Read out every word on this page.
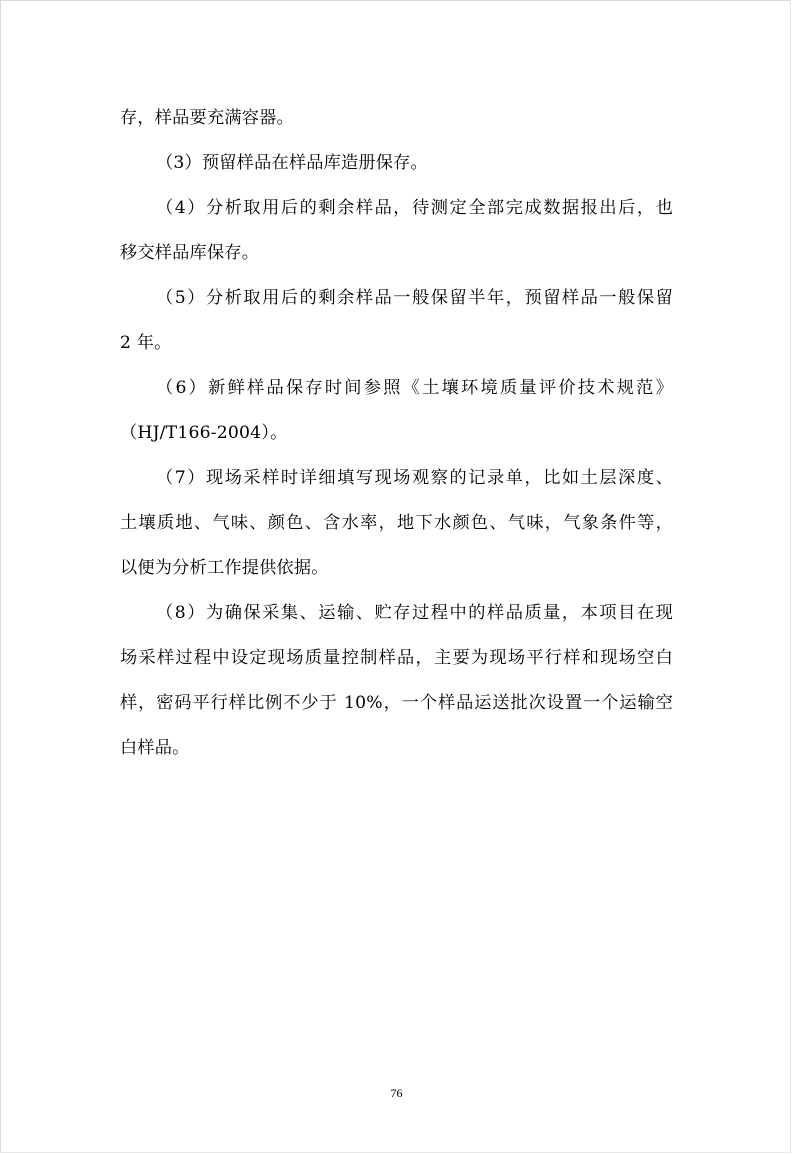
存，样品要充满容器。
（3）预留样品在样品库造册保存。
（4）分析取用后的剩余样品，待测定全部完成数据报出后，也
移交样品库保存。
（5）分析取用后的剩余样品一般保留半年，预留样品一般保留
2 年。
（6）新鲜样品保存时间参照《土壤环境质量评价技术规范》
（HJ/T166-2004）。
（7）现场采样时详细填写现场观察的记录单，比如土层深度、
土壤质地、气味、颜色、含水率，地下水颜色、气味，气象条件等，
以便为分析工作提供依据。
（8）为确保采集、运输、贮存过程中的样品质量，本项目在现
场采样过程中设定现场质量控制样品，主要为现场平行样和现场空白
样，密码平行样比例不少于 10%，一个样品运送批次设置一个运输空
白样品。
76
